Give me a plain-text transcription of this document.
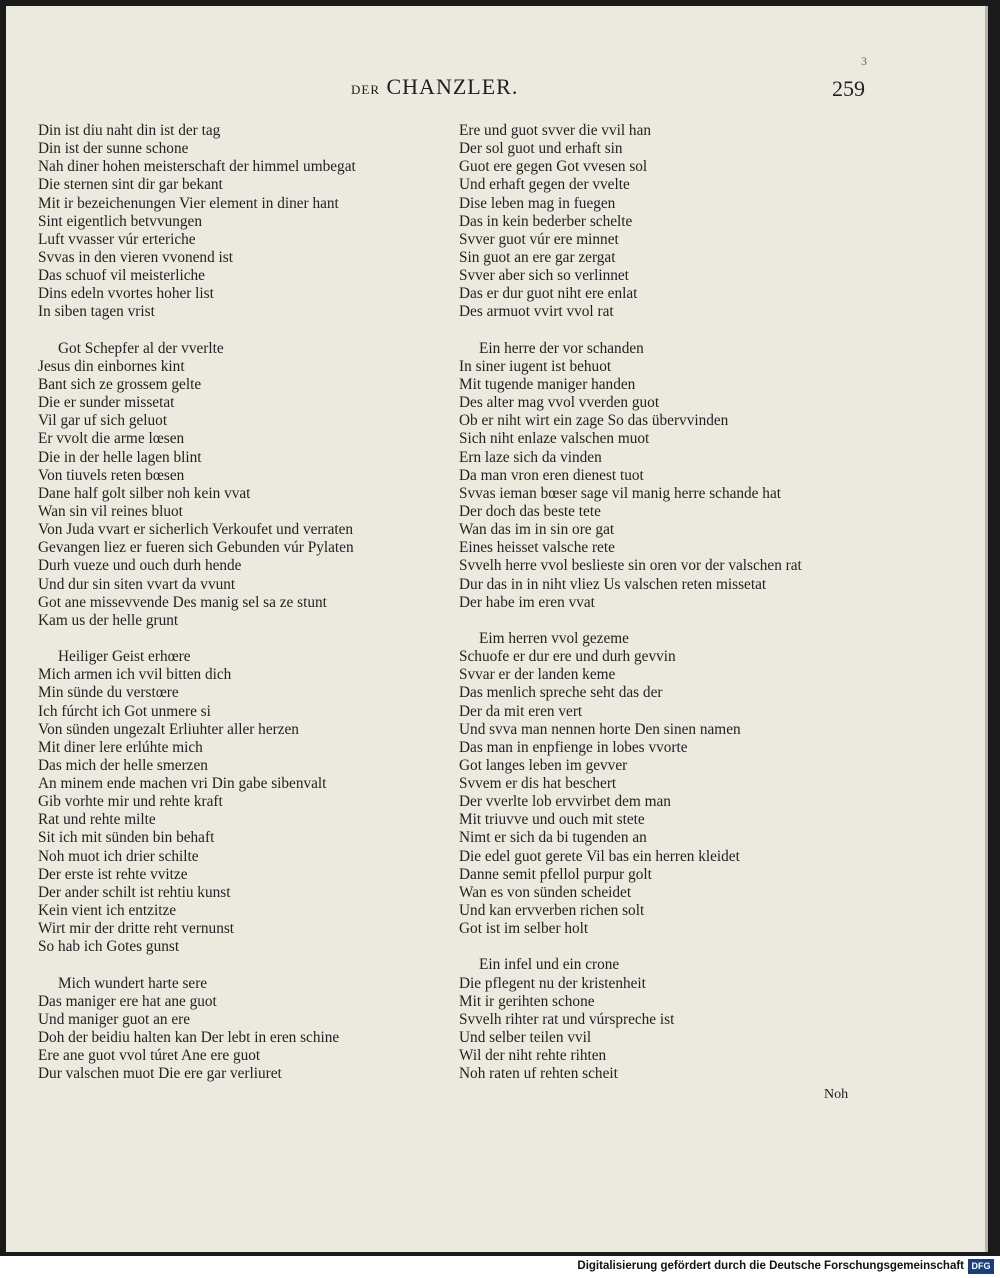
3
DER CHANZLER.	259
Din ist diu naht din ist der tag
Din ist der sunne schone
Nah diner hohen meisterschaft der himmel umbegat
Die sternen sint dir gar bekant
Mit ir bezeichenungen Vier element in diner hant
Sint eigentlich betvvungen
Luft vvasser vúr erteriche
Svvas in den vieren vvonend ist
Das schuof vil meisterliche
Dins edeln vvortes hoher list
In siben tagen vrist
Got Schepfer al der vverlte
Jesus din einbornes kint
Bant sich ze grossem gelte
Die er sunder missetat
Vil gar uf sich geluot
Er vvolt die arme lœsen
Die in der helle lagen blint
Von tiuvels reten bœsen
Dane half golt silber noh kein vvat
Wan sin vil reines bluot
Von Juda vvart er sicherlich Verkoufet und verraten
Gevangen liez er fueren sich Gebunden vúr Pylaten
Durh vueze und ouch durh hende
Und dur sin siten vvart da vvunt
Got ane missevvende Des manig sel sa ze stunt
Kam us der helle grunt
Heiliger Geist erhœre
Mich armen ich vvil bitten dich
Min sünde du verstœre
Ich fúrcht ich Got unmere si
Von sünden ungezalt Erliuhter aller herzen
Mit diner lere erlúhte mich
Das mich der helle smerzen
An minem ende machen vri Din gabe sibenvalt
Gib vorhte mir und rehte kraft
Rat und rehte milte
Sit ich mit sünden bin behaft
Noh muot ich drier schilte
Der erste ist rehte vvitze
Der ander schilt ist rehtiu kunst
Kein vient ich entzitze
Wirt mir der dritte reht vernunst
So hab ich Gotes gunst
Mich wundert harte sere
Das maniger ere hat ane guot
Und maniger guot an ere
Doh der beidiu halten kan Der lebt in eren schine
Ere ane guot vvol túret Ane ere guot
Dur valschen muot Die ere gar verliuret
Ere und guot svver die vvil han
Der sol guot und erhaft sin
Guot ere gegen Got vvesen sol
Und erhaft gegen der vvelte
Dise leben mag in fuegen
Das in kein bederber schelte
Svver guot vúr ere minnet
Sin guot an ere gar zergat
Svver aber sich so verlinnet
Das er dur guot niht ere enlat
Des armuot vvirt vvol rat
Ein herre der vor schanden
In siner iugent ist behuot
Mit tugende maniger handen
Des alter mag vvol vverden guot
Ob er niht wirt ein zage So das übervvinden
Sich niht enlaze valschen muot
Ern laze sich da vinden
Da man vron eren dienest tuot
Svvas ieman bœser sage vil manig herre schande hat
Der doch das beste tete
Wan das im in sin ore gat
Eines heisset valsche rete
Svvelh herre vvol beslieste sin oren vor der valschen rat
Dur das in in niht vliez Us valschen reten missetat
Der habe im eren vvat
Eim herren vvol gezeme
Schuofe er dur ere und durh gevvin
Svvar er der landen keme
Das menlich spreche seht das der
Der da mit eren vert
Und svva man nennen horte Den sinen namen
Das man in enpfienge in lobes vvorte
Got langes leben im gevver
Svvem er dis hat beschert
Der vverlte lob ervvirbet dem man
Mit triuvve und ouch mit stete
Nimt er sich da bi tugenden an
Die edel guot gerete Vil bas ein herren kleidet
Danne semit pfellol purpur golt
Wan es von sünden scheidet
Und kan ervverben richen solt
Got ist im selber holt
Ein infel und ein crone
Die pflegent nu der kristenheit
Mit ir gerihten schone
Svvelh rihter rat und vúrspreche ist
Und selber teilen vvil
Wil der niht rehte rihten
Noh raten uf rehten scheit
Noh
Digitalisierung gefördert durch die Deutsche Forschungsgemeinschaft DFG
